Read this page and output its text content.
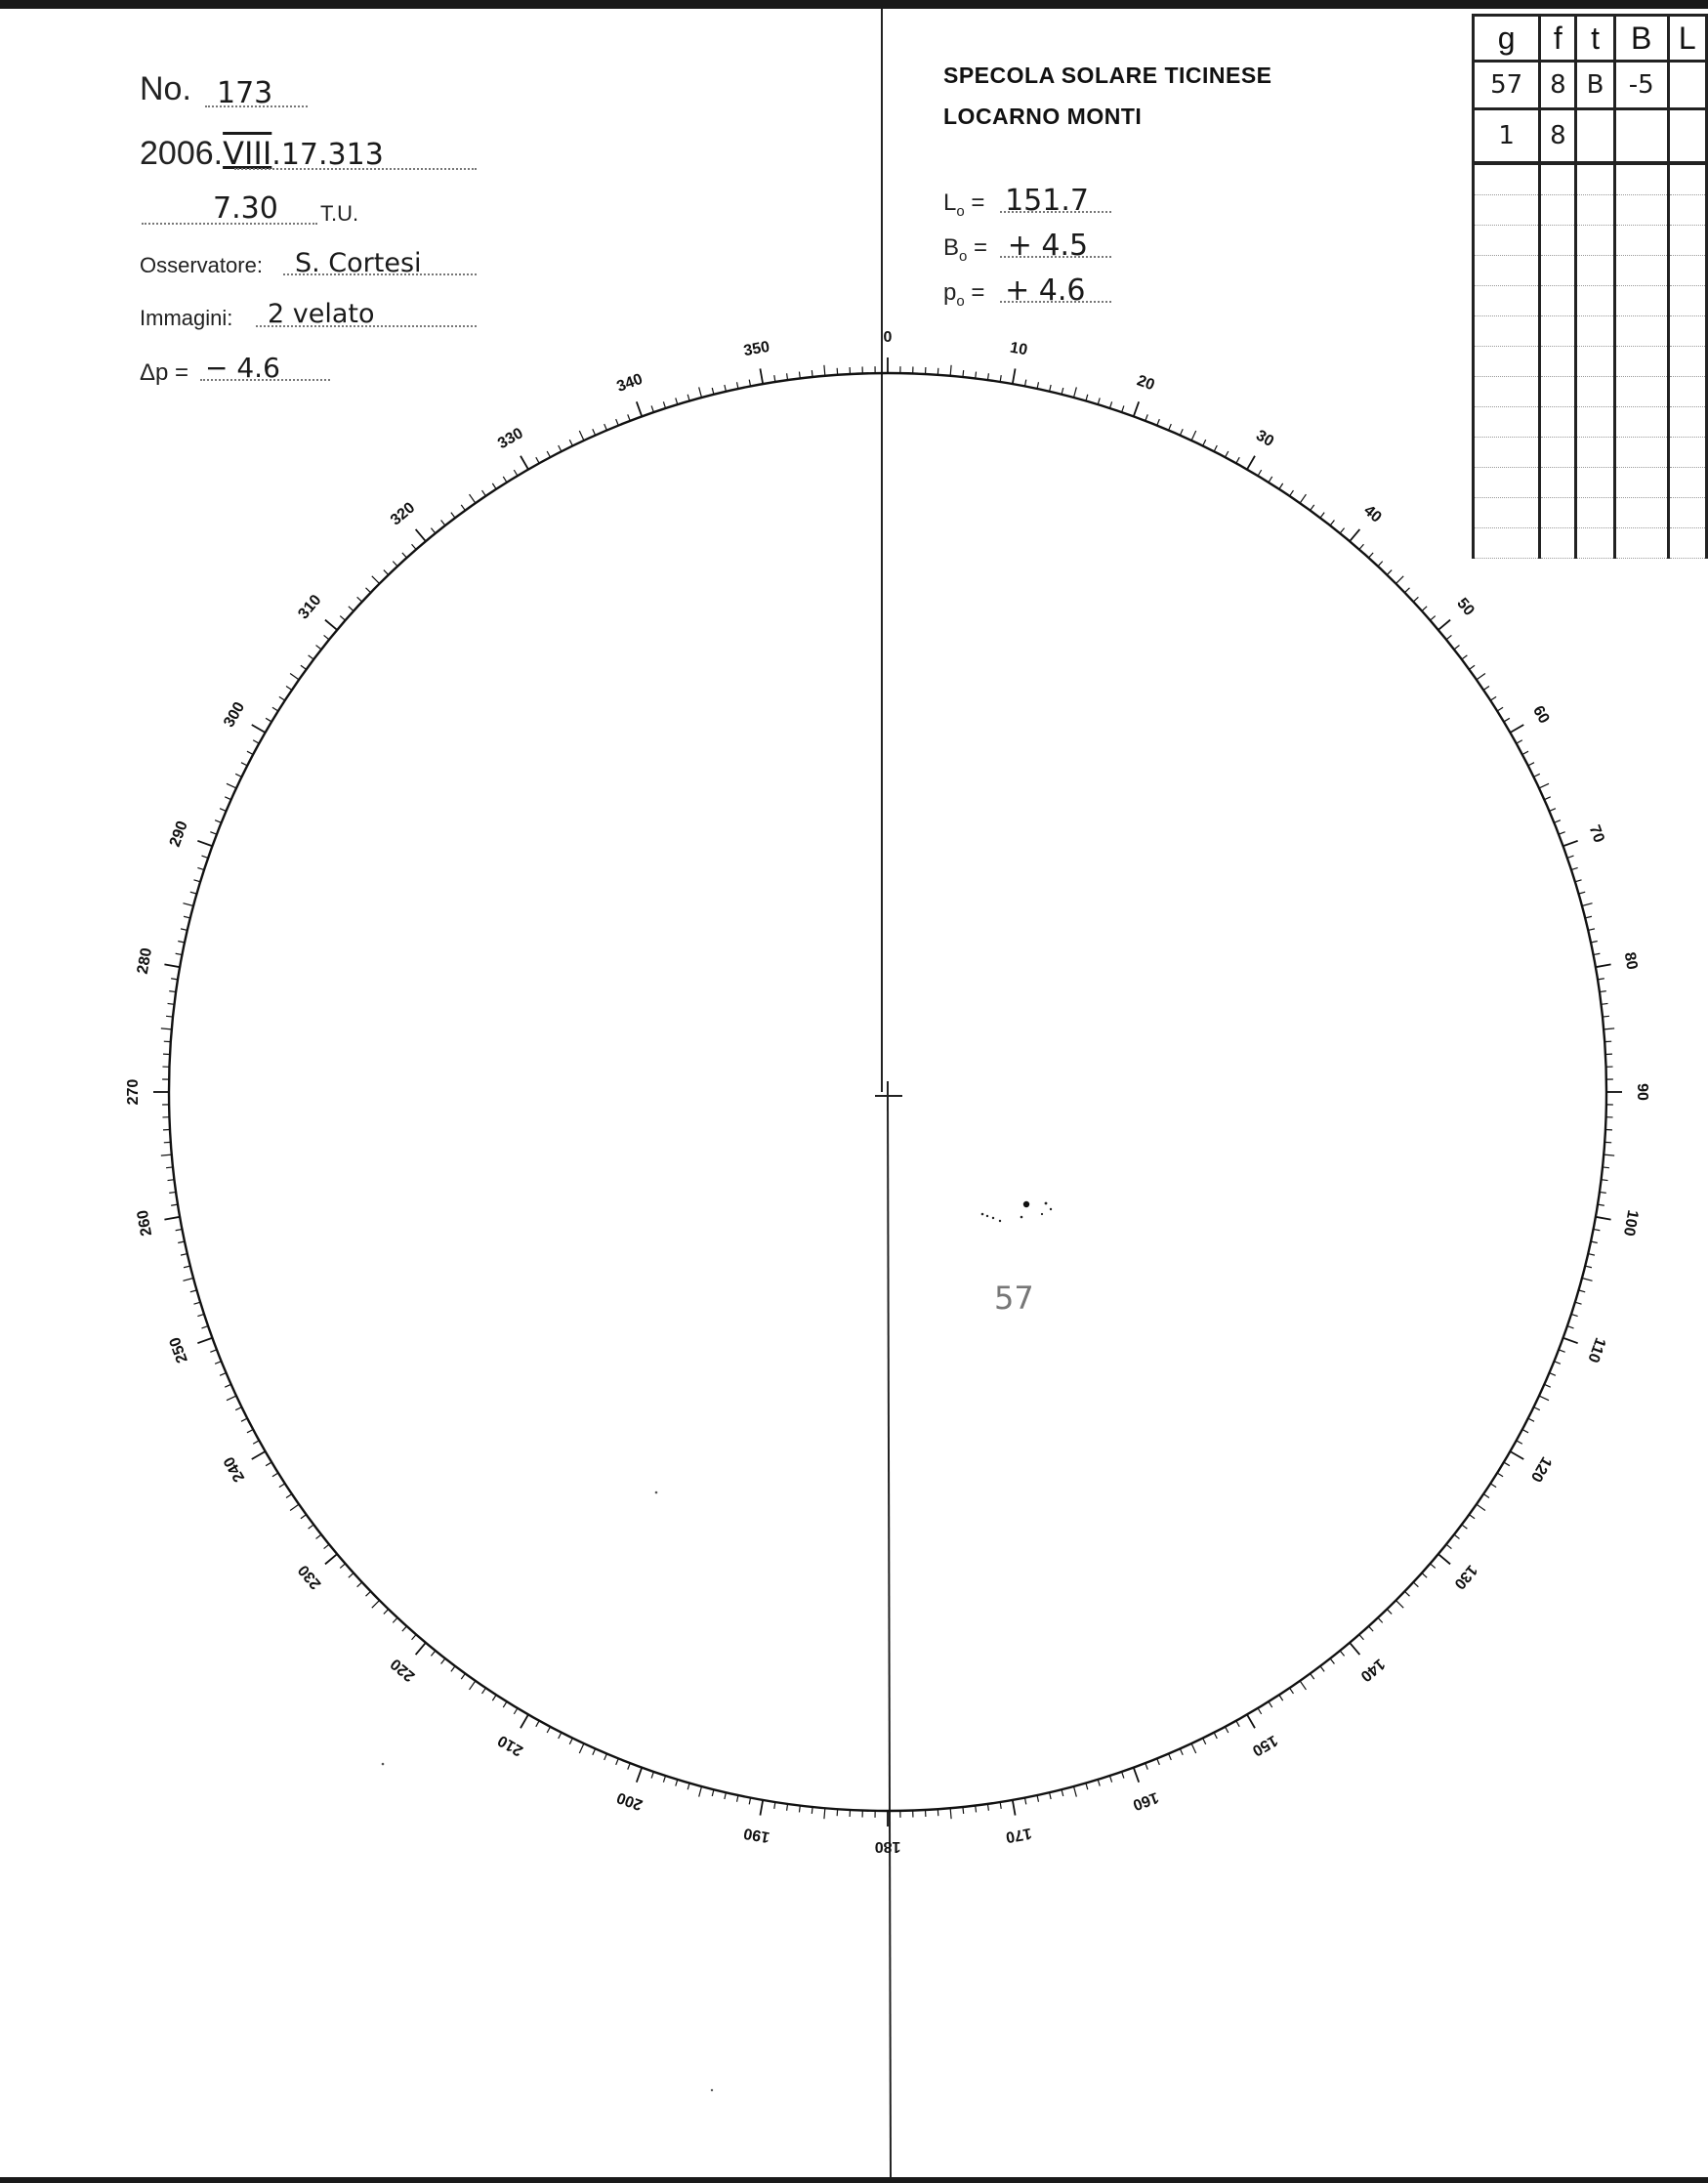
No. 173
2006.VIII.17.313
7.30 T.U.
Osservatore: S. Cortesi
Immagini: 2 velato
Δp = − 4.6
SPECOLA SOLARE TICINESE
LOCARNO MONTI
$L_o = 151.7$
$B_o$ = + 4.5
$p_o$ = + 4.6
g	f	t	B	L
57	8	B	-5	
1	8			

0
10
20
30
40
50
60
70
80
90
100
110
120
130
140
150
160
170
180
190
200
210
220
230
240
250
260
270
280
290
300
310
320
330
340
350
57
